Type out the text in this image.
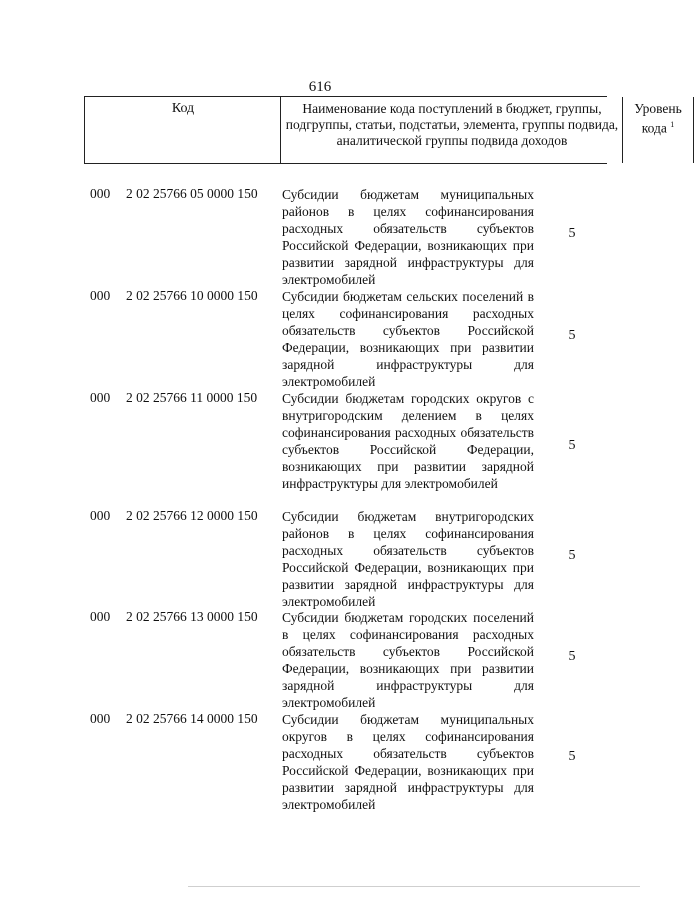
616
Код	Наименование кода поступлений в бюджет, группы, подгруппы, статьи, подстатьи, элемента, группы подвида, аналитической группы подвида доходов
Уровень кода $^1$
000 2 02 25766 05 0000 150 Субсидии бюджетам муниципальных районов в целях софинансирования расходных обязательств субъектов Российской Федерации, возникающих при развитии зарядной инфраструктуры для электромобилей
5
000 2 02 25766 10 0000 150 Субсидии бюджетам сельских поселений в целях софинансирования расходных обязательств субъектов Российской Федерации, возникающих при развитии зарядной инфраструктуры для электромобилей
5
000 2 02 25766 11 0000 150 Субсидии бюджетам городских округов с внутригородским делением в целях софинансирования расходных обязательств субъектов Российской Федерации, возникающих при развитии зарядной инфраструктуры для электромобилей
5
000 2 02 25766 12 0000 150 Субсидии бюджетам внутригородских районов в целях софинансирования расходных обязательств субъектов Российской Федерации, возникающих при развитии зарядной инфраструктуры для электромобилей
5
000 2 02 25766 13 0000 150 Субсидии бюджетам городских поселений в целях софинансирования расходных обязательств субъектов Российской Федерации, возникающих при развитии зарядной инфраструктуры для электромобилей
5
000 2 02 25766 14 0000 150 Субсидии бюджетам муниципальных округов в целях софинансирования расходных обязательств субъектов Российской Федерации, возникающих при развитии зарядной инфраструктуры для электромобилей
5
